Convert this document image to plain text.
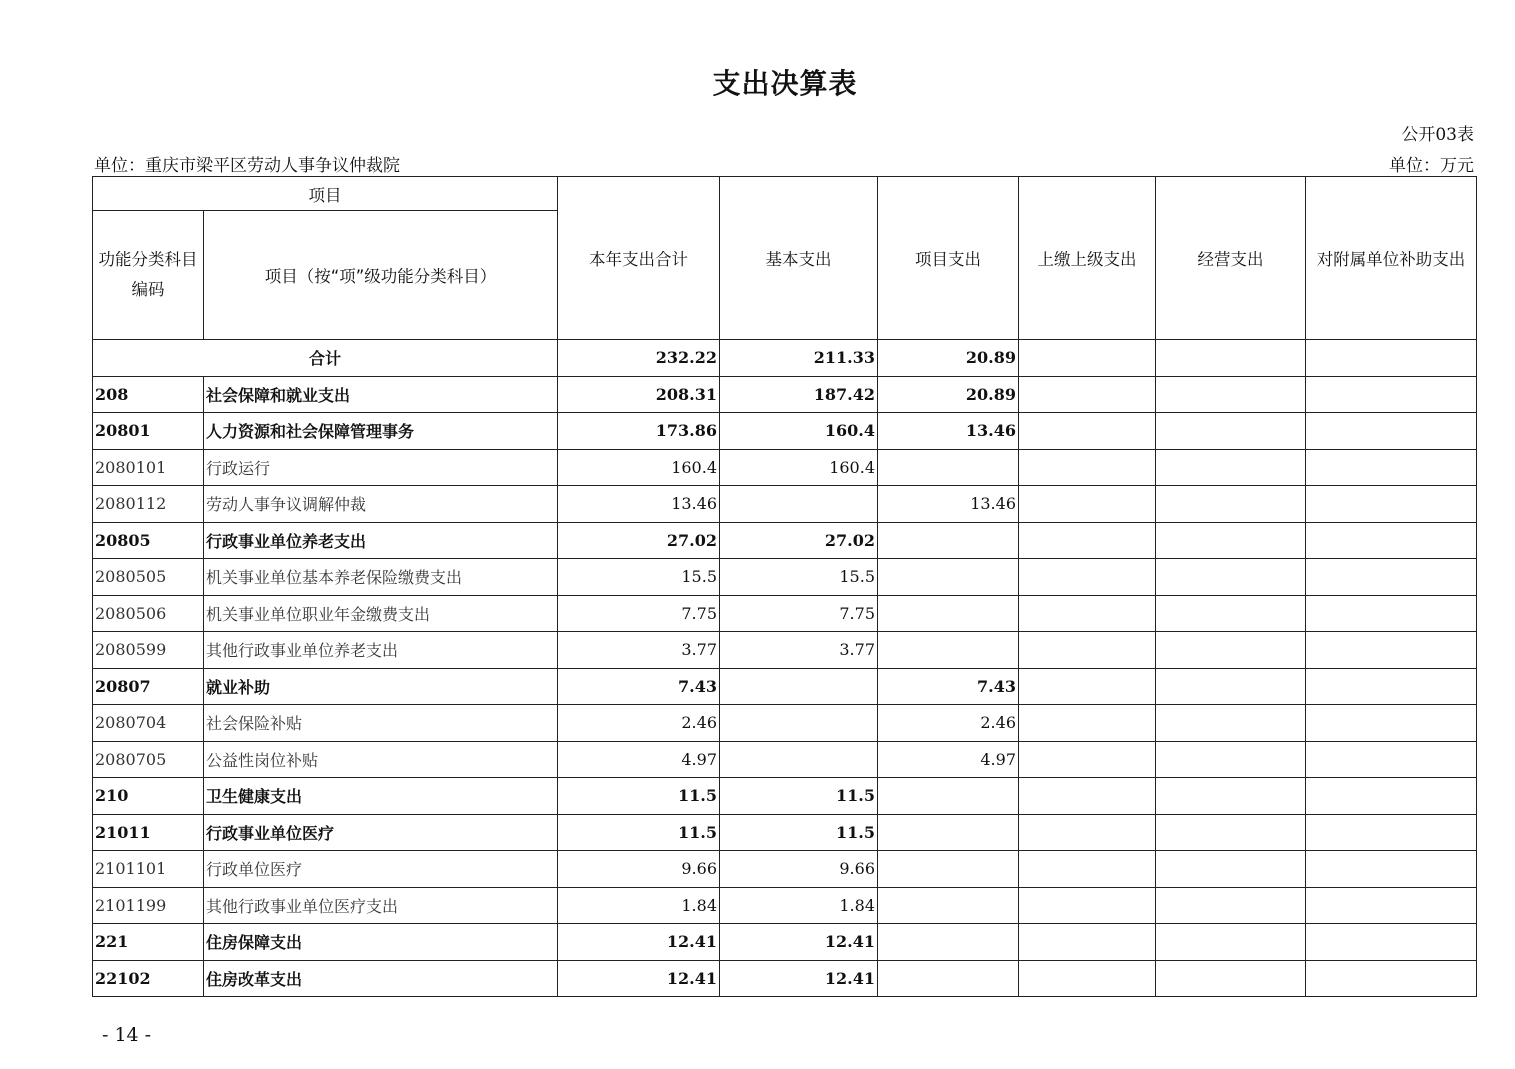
支出决算表
公开03表
单位：重庆市梁平区劳动人事争议仲裁院	单位：万元
项目		本年支出合计	基本支出	项目支出	上缴上级支出	经营支出	对附属单位补助支出
功能分类科目编码	项目（按“项”级功能分类科目）						
合计		232.22	211.33	20.89			
208	社会保障和就业支出	208.31	187.42	20.89			
20801	人力资源和社会保障管理事务	173.86	160.4	13.46			
2080101	行政运行	160.4	160.4				
2080112	劳动人事争议调解仲裁	13.46		13.46			
20805	行政事业单位养老支出	27.02	27.02				
2080505	机关事业单位基本养老保险缴费支出	15.5	15.5				
2080506	机关事业单位职业年金缴费支出	7.75	7.75				
2080599	其他行政事业单位养老支出	3.77	3.77				
20807	就业补助	7.43		7.43			
2080704	社会保险补贴	2.46		2.46			
2080705	公益性岗位补贴	4.97		4.97			
210	卫生健康支出	11.5	11.5				
21011	行政事业单位医疗	11.5	11.5				
2101101	行政单位医疗	9.66	9.66				
2101199	其他行政事业单位医疗支出	1.84	1.84				
221	住房保障支出	12.41	12.41				
22102	住房改革支出	12.41	12.41				
- 14 -
